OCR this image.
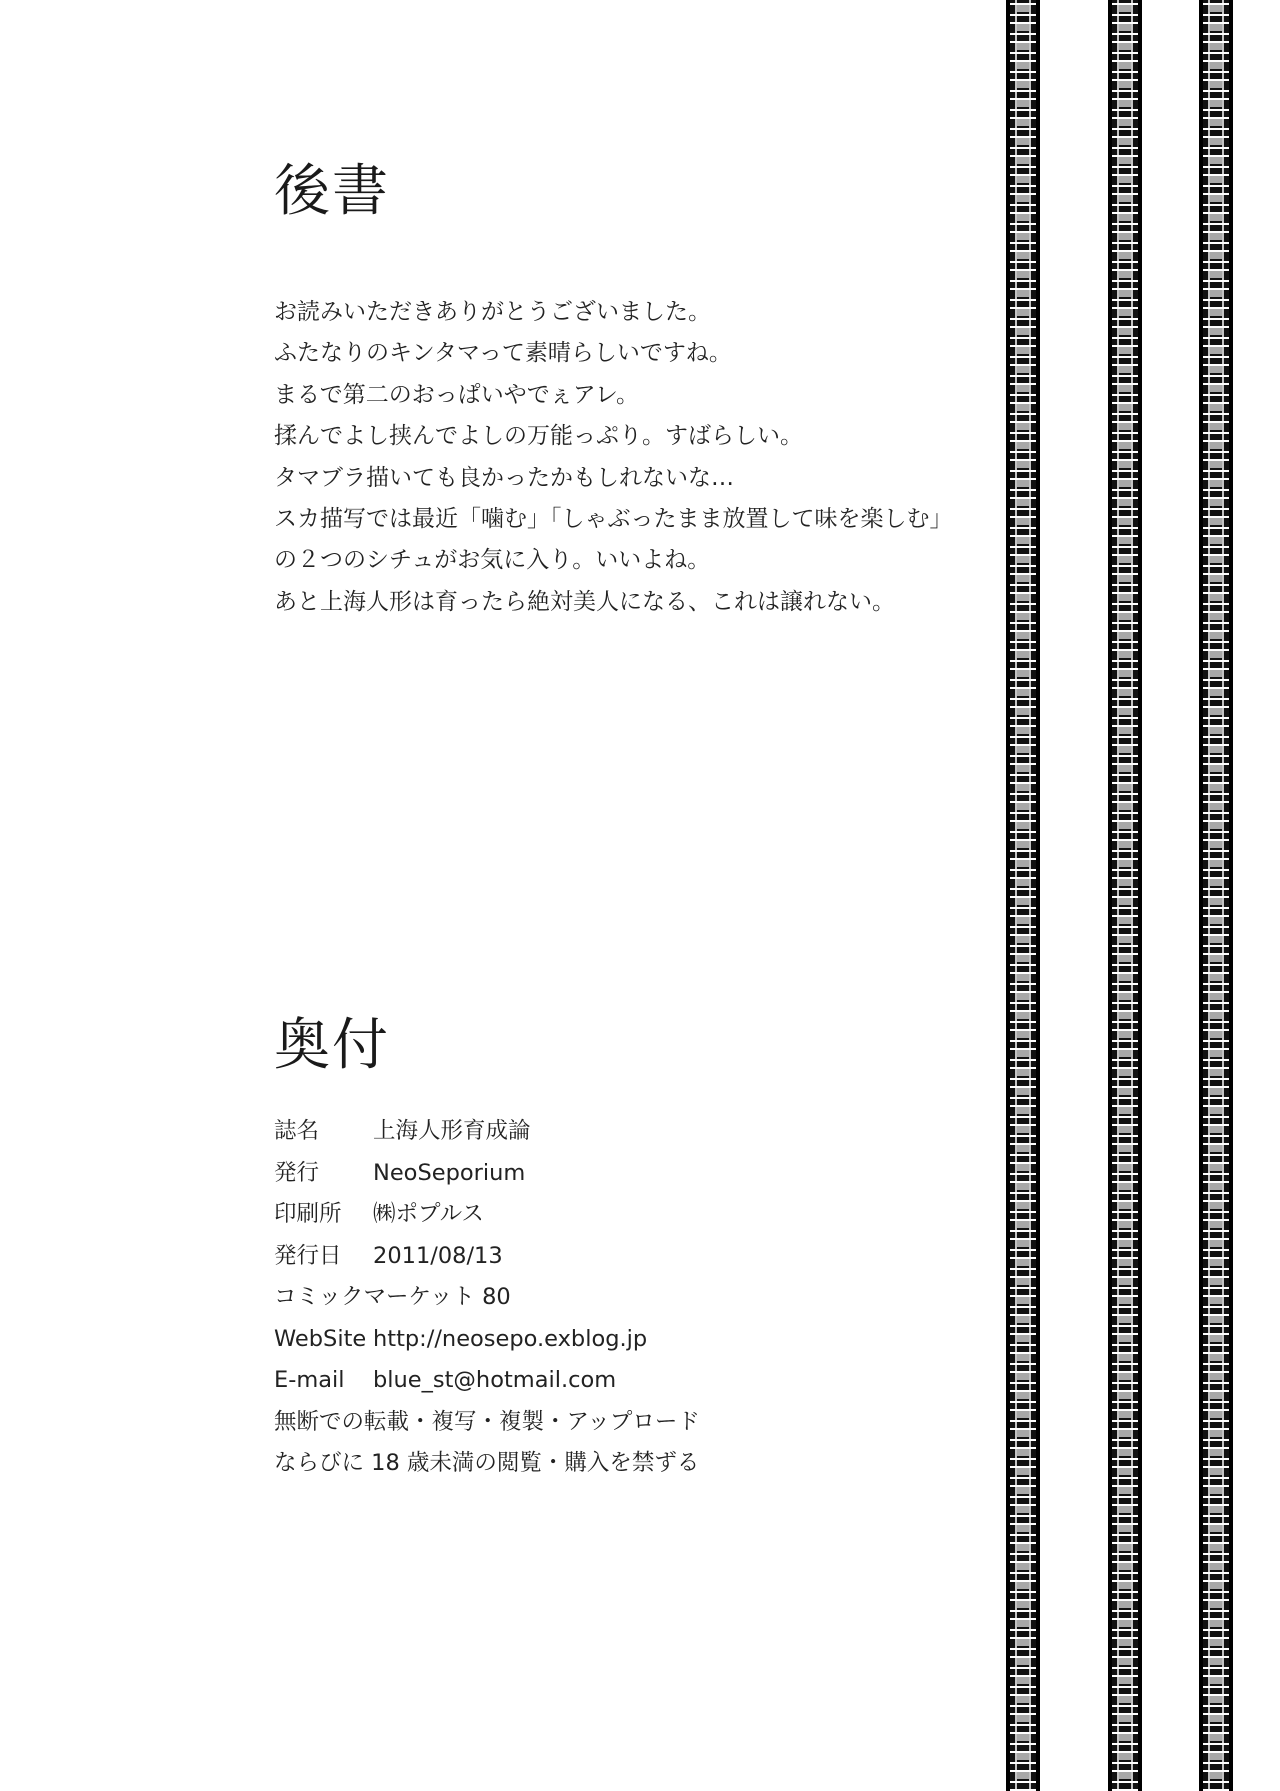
後書
お読みいただきありがとうございました。
ふたなりのキンタマって素晴らしいですね。
まるで第二のおっぱいやでぇアレ。
揉んでよし挟んでよしの万能っぷり。すばらしい。
タマブラ描いても良かったかもしれないな…
スカ描写では最近「噛む」「しゃぶったまま放置して味を楽しむ」
の２つのシチュがお気に入り。いいよね。
あと上海人形は育ったら絶対美人になる、これは譲れない。
奥付
誌名	上海人形育成論
発行	NeoSeporium
印刷所	㈱ポプルス
発行日	2011/08/13
コミックマーケット 80
WebSite http://neosepo.exblog.jp
E-mail	blue_st@hotmail.com
無断での転載・複写・複製・アップロード
ならびに 18 歳未満の閲覧・購入を禁ずる
